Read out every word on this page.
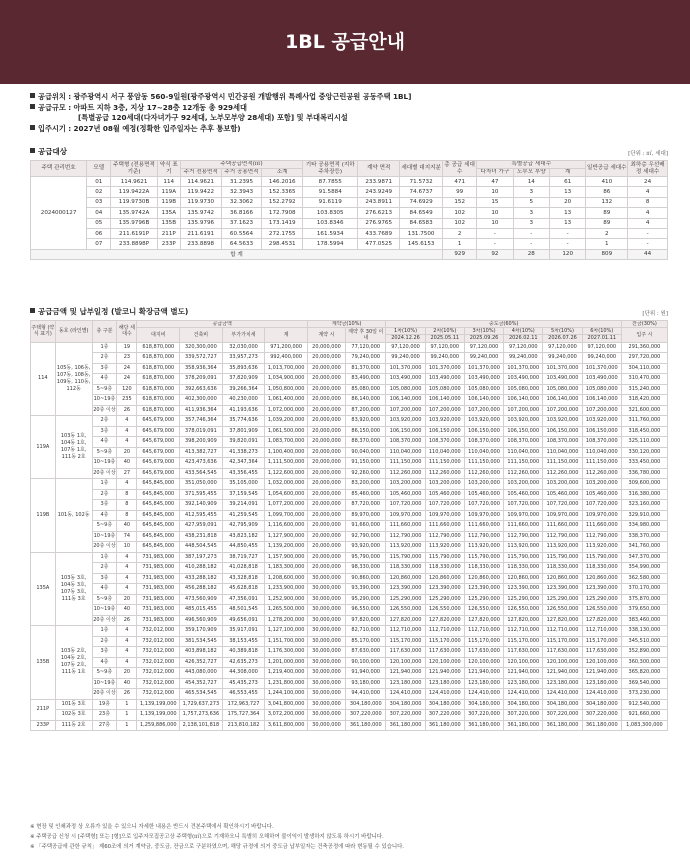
1BL 공급안내
공급위치 : 광주광역시 서구 풍암동 560-9일원[광주광역시 민간공원 개발행위 특례사업 중앙근린공원 공동주택 1BL]
공급규모 : 아파트 지하 3층, 지상 17~28층 12개동 총 929세대
[특별공급 120세대(다자녀가구 92세대, 노부모부양 28세대) 포함] 및 부대복리시설
입주시기 : 2027년 08월 예정(정확한 입주일자는 추후 통보함)
공급대상	[단위 : ㎡, 세대]
주택 관리번호	모델	주택형 (전용면적기준)	약식 표기	주택공급면적(㎡)			기타 공용면적 (지하주차장등)	계약 면적	세대별 대지지분	총 공급 세대수	특별공급 세대수			일반공급 세대수	최하층 우선배정 세대수
				주거 전용면적	주거 공용면적	소계					다자녀 가구	노부모 부양	계		
2024000127	01	114.9621	114	114.9621	31.2395	146.2016	87.7855	233.9871	71.5732	471	47	14	61	410	24
	02	119.9422A	119A	119.9422	32.3943	152.3365	91.5884	243.9249	74.6737	99	10	3	13	86	4
	03	119.9730B	119B	119.9730	32.3062	152.2792	91.6119	243.8911	74.6929	152	15	5	20	132	8
	04	135.9742A	135A	135.9742	36.8166	172.7908	103.8305	276.6213	84.6549	102	10	3	13	89	4
	05	135.9796B	135B	135.9796	37.1623	173.1419	103.8346	276.9765	84.6583	102	10	3	13	89	4
	06	211.6191P	211P	211.6191	60.5564	272.1755	161.5934	433.7689	131.7500	2	-	-	-	2	-
	07	233.8898P	233P	233.8898	64.5633	298.4531	178.5994	477.0525	145.6153	1	-	-	-	1	-
합 계										929	92	28	120	809	44
공급금액 및 납부일정 (발코니 확장금액 별도)	[단위 : 원]
주택형 (약식 표기)	동호 (라인별)	층 구분	해당 세대수	공급금액				계약금(10%)		중도금(60%)						잔금(30%)
				대지비	건축비	부가가치세	계	계약 시	계약 후 30일 이내	1차(10%)	2차(10%)	3차(10%)	4차(10%)	5차(10%)	6차(10%)	입주 시
										2024.12.26	2025.05.11	2025.09.26	2026.02.11	2026.07.26	2027.01.11	
114	105동, 106동, 107동, 108동, 109동, 110동, 112동	1층	19	618,870,000	320,300,000	32,030,000	971,200,000	20,000,000	77,120,000	97,120,000	97,120,000	97,120,000	97,120,000	97,120,000	97,120,000	291,360,000
		2층	23	618,870,000	339,572,727	33,957,273	992,400,000	20,000,000	79,240,000	99,240,000	99,240,000	99,240,000	99,240,000	99,240,000	99,240,000	297,720,000
		3층	24	618,870,000	358,936,364	35,893,636	1,013,700,000	20,000,000	81,370,000	101,370,000	101,370,000	101,370,000	101,370,000	101,370,000	101,370,000	304,110,000
		4층	24	618,870,000	378,209,091	37,820,909	1,034,900,000	20,000,000	83,490,000	103,490,000	103,490,000	103,490,000	103,490,000	103,490,000	103,490,000	310,470,000
		5~9층	120	618,870,000	392,663,636	39,266,364	1,050,800,000	20,000,000	85,080,000	105,080,000	105,080,000	105,080,000	105,080,000	105,080,000	105,080,000	315,240,000
		10~19층	235	618,870,000	402,300,000	40,230,000	1,061,400,000	20,000,000	86,140,000	106,140,000	106,140,000	106,140,000	106,140,000	106,140,000	106,140,000	318,420,000
		20층 이상	26	618,870,000	411,936,364	41,193,636	1,072,000,000	20,000,000	87,200,000	107,200,000	107,200,000	107,200,000	107,200,000	107,200,000	107,200,000	321,600,000
119A	103동 1호, 104동 1호, 107동 1호, 111동 2호	2층	4	645,679,000	357,746,364	35,774,636	1,039,200,000	20,000,000	83,920,000	103,920,000	103,920,000	103,920,000	103,920,000	103,920,000	103,920,000	311,760,000
		3층	4	645,679,000	378,019,091	37,801,909	1,061,500,000	20,000,000	86,150,000	106,150,000	106,150,000	106,150,000	106,150,000	106,150,000	106,150,000	318,450,000
		4층	4	645,679,000	398,200,909	39,820,091	1,083,700,000	20,000,000	88,370,000	108,370,000	108,370,000	108,370,000	108,370,000	108,370,000	108,370,000	325,110,000
		5~9층	20	645,679,000	413,382,727	41,338,273	1,100,400,000	20,000,000	90,040,000	110,040,000	110,040,000	110,040,000	110,040,000	110,040,000	110,040,000	330,120,000
		10~19층	40	645,679,000	423,473,636	42,347,364	1,111,500,000	20,000,000	91,150,000	111,150,000	111,150,000	111,150,000	111,150,000	111,150,000	111,150,000	333,450,000
		20층 이상	27	645,679,000	433,564,545	43,356,455	1,122,600,000	20,000,000	92,260,000	112,260,000	112,260,000	112,260,000	112,260,000	112,260,000	112,260,000	336,780,000
119B	101동, 102동	1층	4	645,845,000	351,050,000	35,105,000	1,032,000,000	20,000,000	83,200,000	103,200,000	103,200,000	103,200,000	103,200,000	103,200,000	103,200,000	309,600,000
		2층	8	645,845,000	371,595,455	37,159,545	1,054,600,000	20,000,000	85,460,000	105,460,000	105,460,000	105,460,000	105,460,000	105,460,000	105,460,000	316,380,000
		3층	8	645,845,000	392,140,909	39,214,091	1,077,200,000	20,000,000	87,720,000	107,720,000	107,720,000	107,720,000	107,720,000	107,720,000	107,720,000	323,160,000
		4층	8	645,845,000	412,595,455	41,259,545	1,099,700,000	20,000,000	89,970,000	109,970,000	109,970,000	109,970,000	109,970,000	109,970,000	109,970,000	329,910,000
		5~9층	40	645,845,000	427,959,091	42,795,909	1,116,600,000	20,000,000	91,660,000	111,660,000	111,660,000	111,660,000	111,660,000	111,660,000	111,660,000	334,980,000
		10~19층	74	645,845,000	438,231,818	43,823,182	1,127,900,000	20,000,000	92,790,000	112,790,000	112,790,000	112,790,000	112,790,000	112,790,000	112,790,000	338,370,000
		20층 이상	10	645,845,000	448,504,545	44,850,455	1,139,200,000	20,000,000	93,920,000	113,920,000	113,920,000	113,920,000	113,920,000	113,920,000	113,920,000	341,760,000
135A	103동 3호, 104동 3호, 107동 3호, 111동 3호	1층	4	731,983,000	387,197,273	38,719,727	1,157,900,000	20,000,000	95,790,000	115,790,000	115,790,000	115,790,000	115,790,000	115,790,000	115,790,000	347,370,000
		2층	4	731,983,000	410,288,182	41,028,818	1,183,300,000	20,000,000	98,330,000	118,330,000	118,330,000	118,330,000	118,330,000	118,330,000	118,330,000	354,990,000
		3층	4	731,983,000	433,288,182	43,328,818	1,208,600,000	30,000,000	90,860,000	120,860,000	120,860,000	120,860,000	120,860,000	120,860,000	120,860,000	362,580,000
		4층	4	731,983,000	456,288,182	45,628,818	1,233,900,000	30,000,000	93,390,000	123,390,000	123,390,000	123,390,000	123,390,000	123,390,000	123,390,000	370,170,000
		5~9층	20	731,983,000	473,560,909	47,356,091	1,252,900,000	30,000,000	95,290,000	125,290,000	125,290,000	125,290,000	125,290,000	125,290,000	125,290,000	375,870,000
		10~19층	40	731,983,000	485,015,455	48,501,545	1,265,500,000	30,000,000	96,550,000	126,550,000	126,550,000	126,550,000	126,550,000	126,550,000	126,550,000	379,650,000
		20층 이상	26	731,983,000	496,560,909	49,656,091	1,278,200,000	30,000,000	97,820,000	127,820,000	127,820,000	127,820,000	127,820,000	127,820,000	127,820,000	383,460,000
135B	103동 2호, 104동 2호, 107동 2호, 111동 1호	1층	4	732,012,000	359,170,909	35,917,091	1,127,100,000	30,000,000	82,710,000	112,710,000	112,710,000	112,710,000	112,710,000	112,710,000	112,710,000	338,130,000
		2층	4	732,012,000	381,534,545	38,153,455	1,151,700,000	30,000,000	85,170,000	115,170,000	115,170,000	115,170,000	115,170,000	115,170,000	115,170,000	345,510,000
		3층	4	732,012,000	403,898,182	40,389,818	1,176,300,000	30,000,000	87,630,000	117,630,000	117,630,000	117,630,000	117,630,000	117,630,000	117,630,000	352,890,000
		4층	4	732,012,000	426,352,727	42,635,273	1,201,000,000	30,000,000	90,100,000	120,100,000	120,100,000	120,100,000	120,100,000	120,100,000	120,100,000	360,300,000
		5~9층	20	732,012,000	443,080,000	44,308,000	1,219,400,000	30,000,000	91,940,000	121,940,000	121,940,000	121,940,000	121,940,000	121,940,000	121,940,000	365,820,000
		10~19층	40	732,012,000	454,352,727	45,435,273	1,231,800,000	30,000,000	93,180,000	123,180,000	123,180,000	123,180,000	123,180,000	123,180,000	123,180,000	369,540,000
		20층 이상	26	732,012,000	465,534,545	46,553,455	1,244,100,000	30,000,000	94,410,000	124,410,000	124,410,000	124,410,000	124,410,000	124,410,000	124,410,000	373,230,000
211P	101동 3호	19층	1	1,139,199,000	1,729,637,273	172,963,727	3,041,800,000	30,000,000	304,180,000	304,180,000	304,180,000	304,180,000	304,180,000	304,180,000	304,180,000	912,540,000
	102동 3호	23층	1	1,139,199,000	1,757,273,636	175,727,364	3,072,200,000	30,000,000	307,220,000	307,220,000	307,220,000	307,220,000	307,220,000	307,220,000	307,220,000	921,660,000
233P	111동 2호	27층	1	1,259,886,000	2,138,101,818	213,810,182	3,611,800,000	30,000,000	361,180,000	361,180,000	361,180,000	361,180,000	361,180,000	361,180,000	361,180,000	1,083,300,000
※ 현장 및 인쇄과정 상 오류가 있을 수 있으니 자세한 내용은 반드시 견본주택에서 확인하시기 바랍니다.
※ 주택공급 신청 시 [주택형] 또는 [형]으로 입주자모집공고상 주택형(㎡)으로 기재하오니 특별히 오해하여 불이익이 발생하지 않도록 하시기 바랍니다.
※ 「주택공급에 관한 규칙」 제60조에 의거 계약금, 중도금, 잔금으로 구분하였으며, 해당 규정에 의거 중도금 납부일자는 건축공정에 따라 변동될 수 있습니다.
